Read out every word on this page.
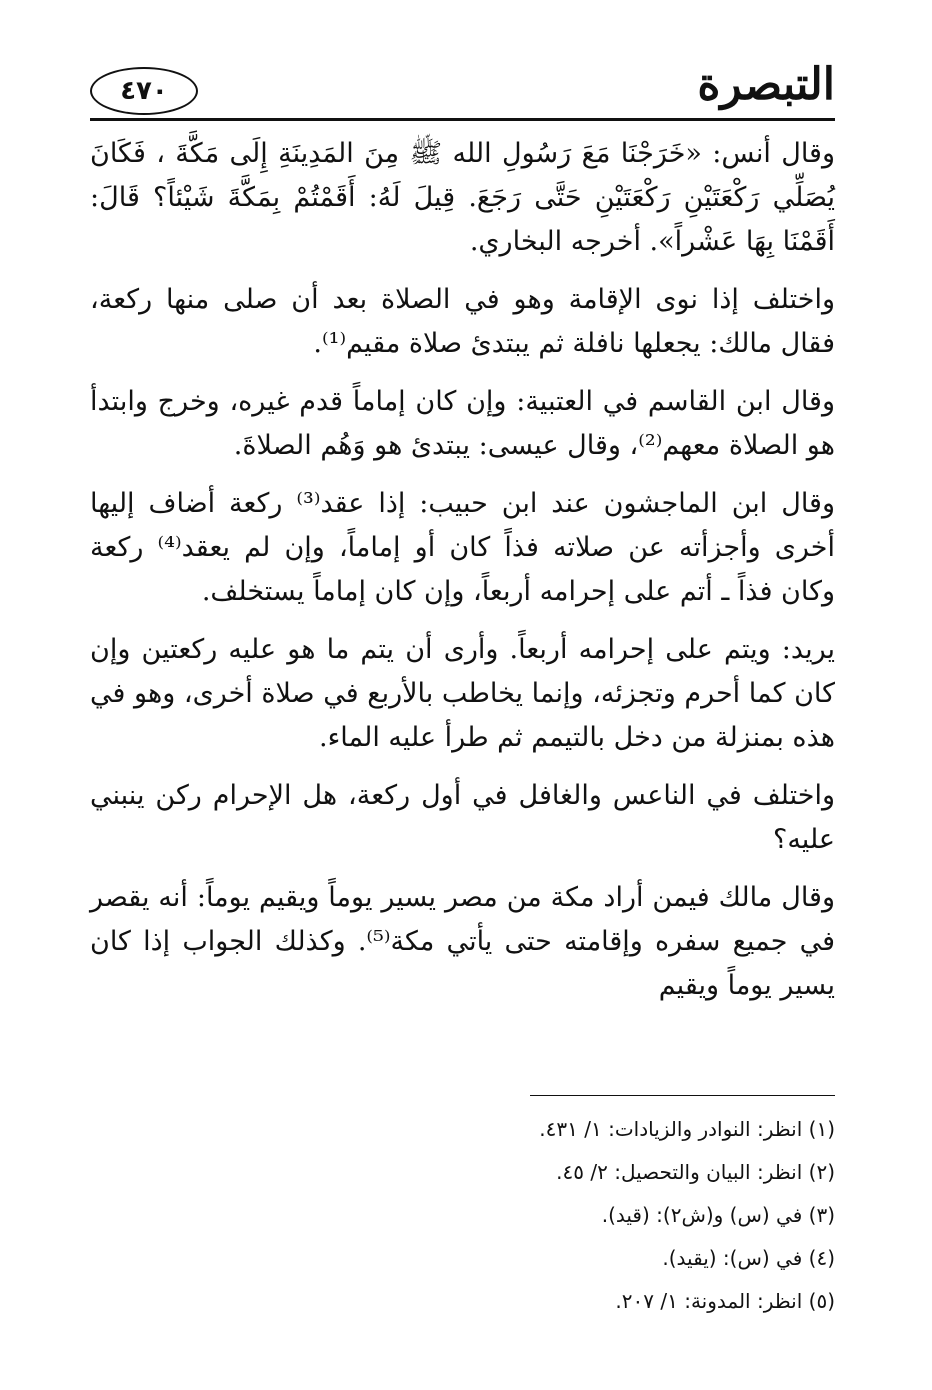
التبصرة
٤٧٠

وقال أنس: «خَرَجْنَا مَعَ رَسُولِ الله ﷺ مِنَ المَدِينَةِ إِلَى مَكَّةَ ، فَكَانَ يُصَلِّي رَكْعَتَيْنِ رَكْعَتَيْنِ حَتَّى رَجَعَ. قِيلَ لَهُ: أَقَمْتُمْ بِمَكَّةَ شَيْئاً؟ قَالَ: أَقَمْنَا بِهَا عَشْراً». أخرجه البخاري.

واختلف إذا نوى الإقامة وهو في الصلاة بعد أن صلى منها ركعة، فقال مالك: يجعلها نافلة ثم يبتدئ صلاة مقيم⁽¹⁾.

وقال ابن القاسم في العتبية: وإن كان إماماً قدم غيره، وخرج وابتدأ هو الصلاة معهم⁽²⁾، وقال عيسى: يبتدئ هو وَهُم الصلاةَ.

وقال ابن الماجشون عند ابن حبيب: إذا عقد⁽³⁾ ركعة أضاف إليها أخرى وأجزأته عن صلاته فذاً كان أو إماماً، وإن لم يعقد⁽⁴⁾ ركعة وكان فذاً ـ أتم على إحرامه أربعاً، وإن كان إماماً يستخلف.

يريد: ويتم على إحرامه أربعاً. وأرى أن يتم ما هو عليه ركعتين وإن كان كما أحرم وتجزئه، وإنما يخاطب بالأربع في صلاة أخرى، وهو في هذه بمنزلة من دخل بالتيمم ثم طرأ عليه الماء.

واختلف في الناعس والغافل في أول ركعة، هل الإحرام ركن ينبني عليه؟

وقال مالك فيمن أراد مكة من مصر يسير يوماً ويقيم يوماً: أنه يقصر في جميع سفره وإقامته حتى يأتي مكة⁽⁵⁾. وكذلك الجواب إذا كان يسير يوماً ويقيم

(١) انظر: النوادر والزيادات: ١/ ٤٣١.
(٢) انظر: البيان والتحصيل: ٢/ ٤٥.
(٣) في (س) و(ش٢): (قيد).
(٤) في (س): (يقيد).
(٥) انظر: المدونة: ١/ ٢٠٧.
